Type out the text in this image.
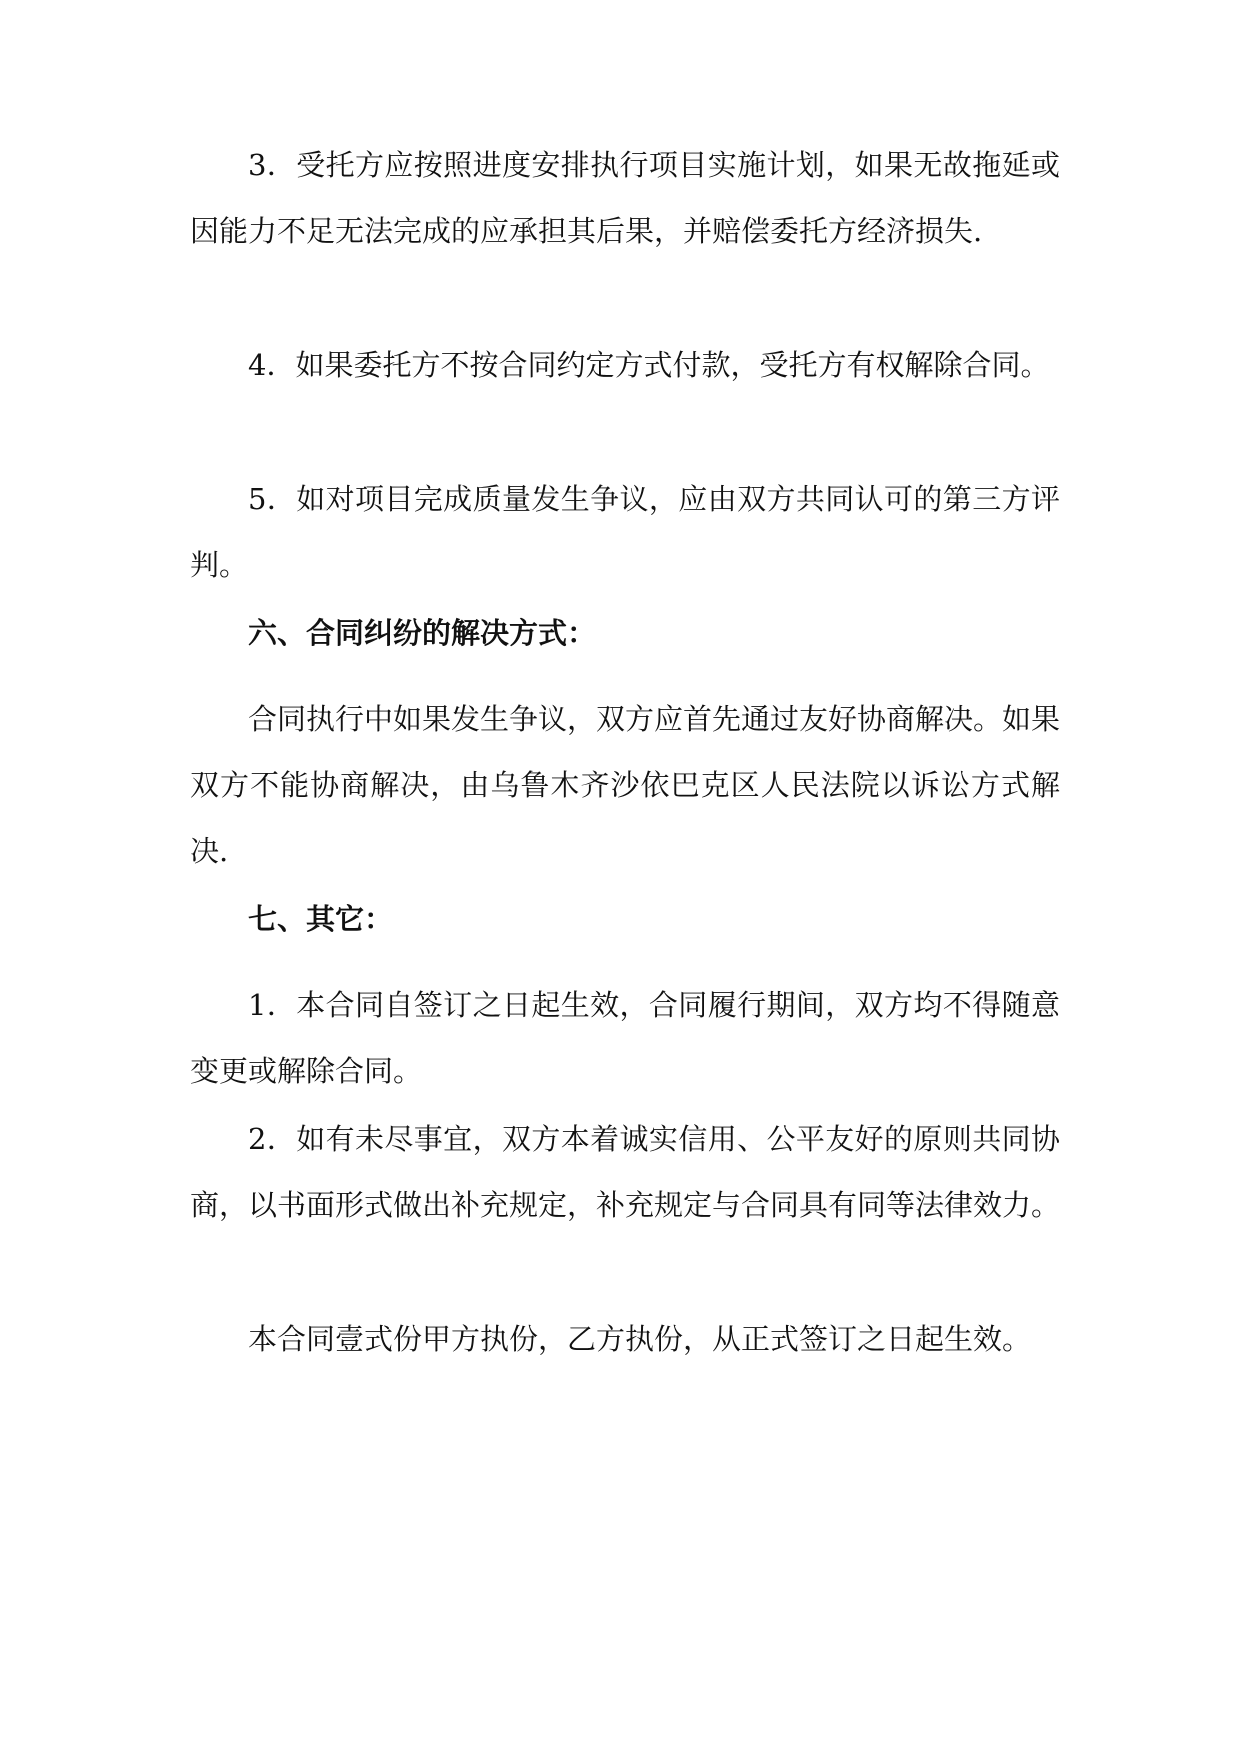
3．受托方应按照进度安排执行项目实施计划，如果无故拖延或因能力不足无法完成的应承担其后果，并赔偿委托方经济损失.

4．如果委托方不按合同约定方式付款，受托方有权解除合同。

5．如对项目完成质量发生争议，应由双方共同认可的第三方评判。

六、合同纠纷的解决方式：

合同执行中如果发生争议，双方应首先通过友好协商解决。如果双方不能协商解决，由乌鲁木齐沙依巴克区人民法院以诉讼方式解决.

七、其它：

1．本合同自签订之日起生效，合同履行期间，双方均不得随意变更或解除合同。

2．如有未尽事宜，双方本着诚实信用、公平友好的原则共同协商，以书面形式做出补充规定，补充规定与合同具有同等法律效力。

本合同壹式份甲方执份，乙方执份，从正式签订之日起生效。
